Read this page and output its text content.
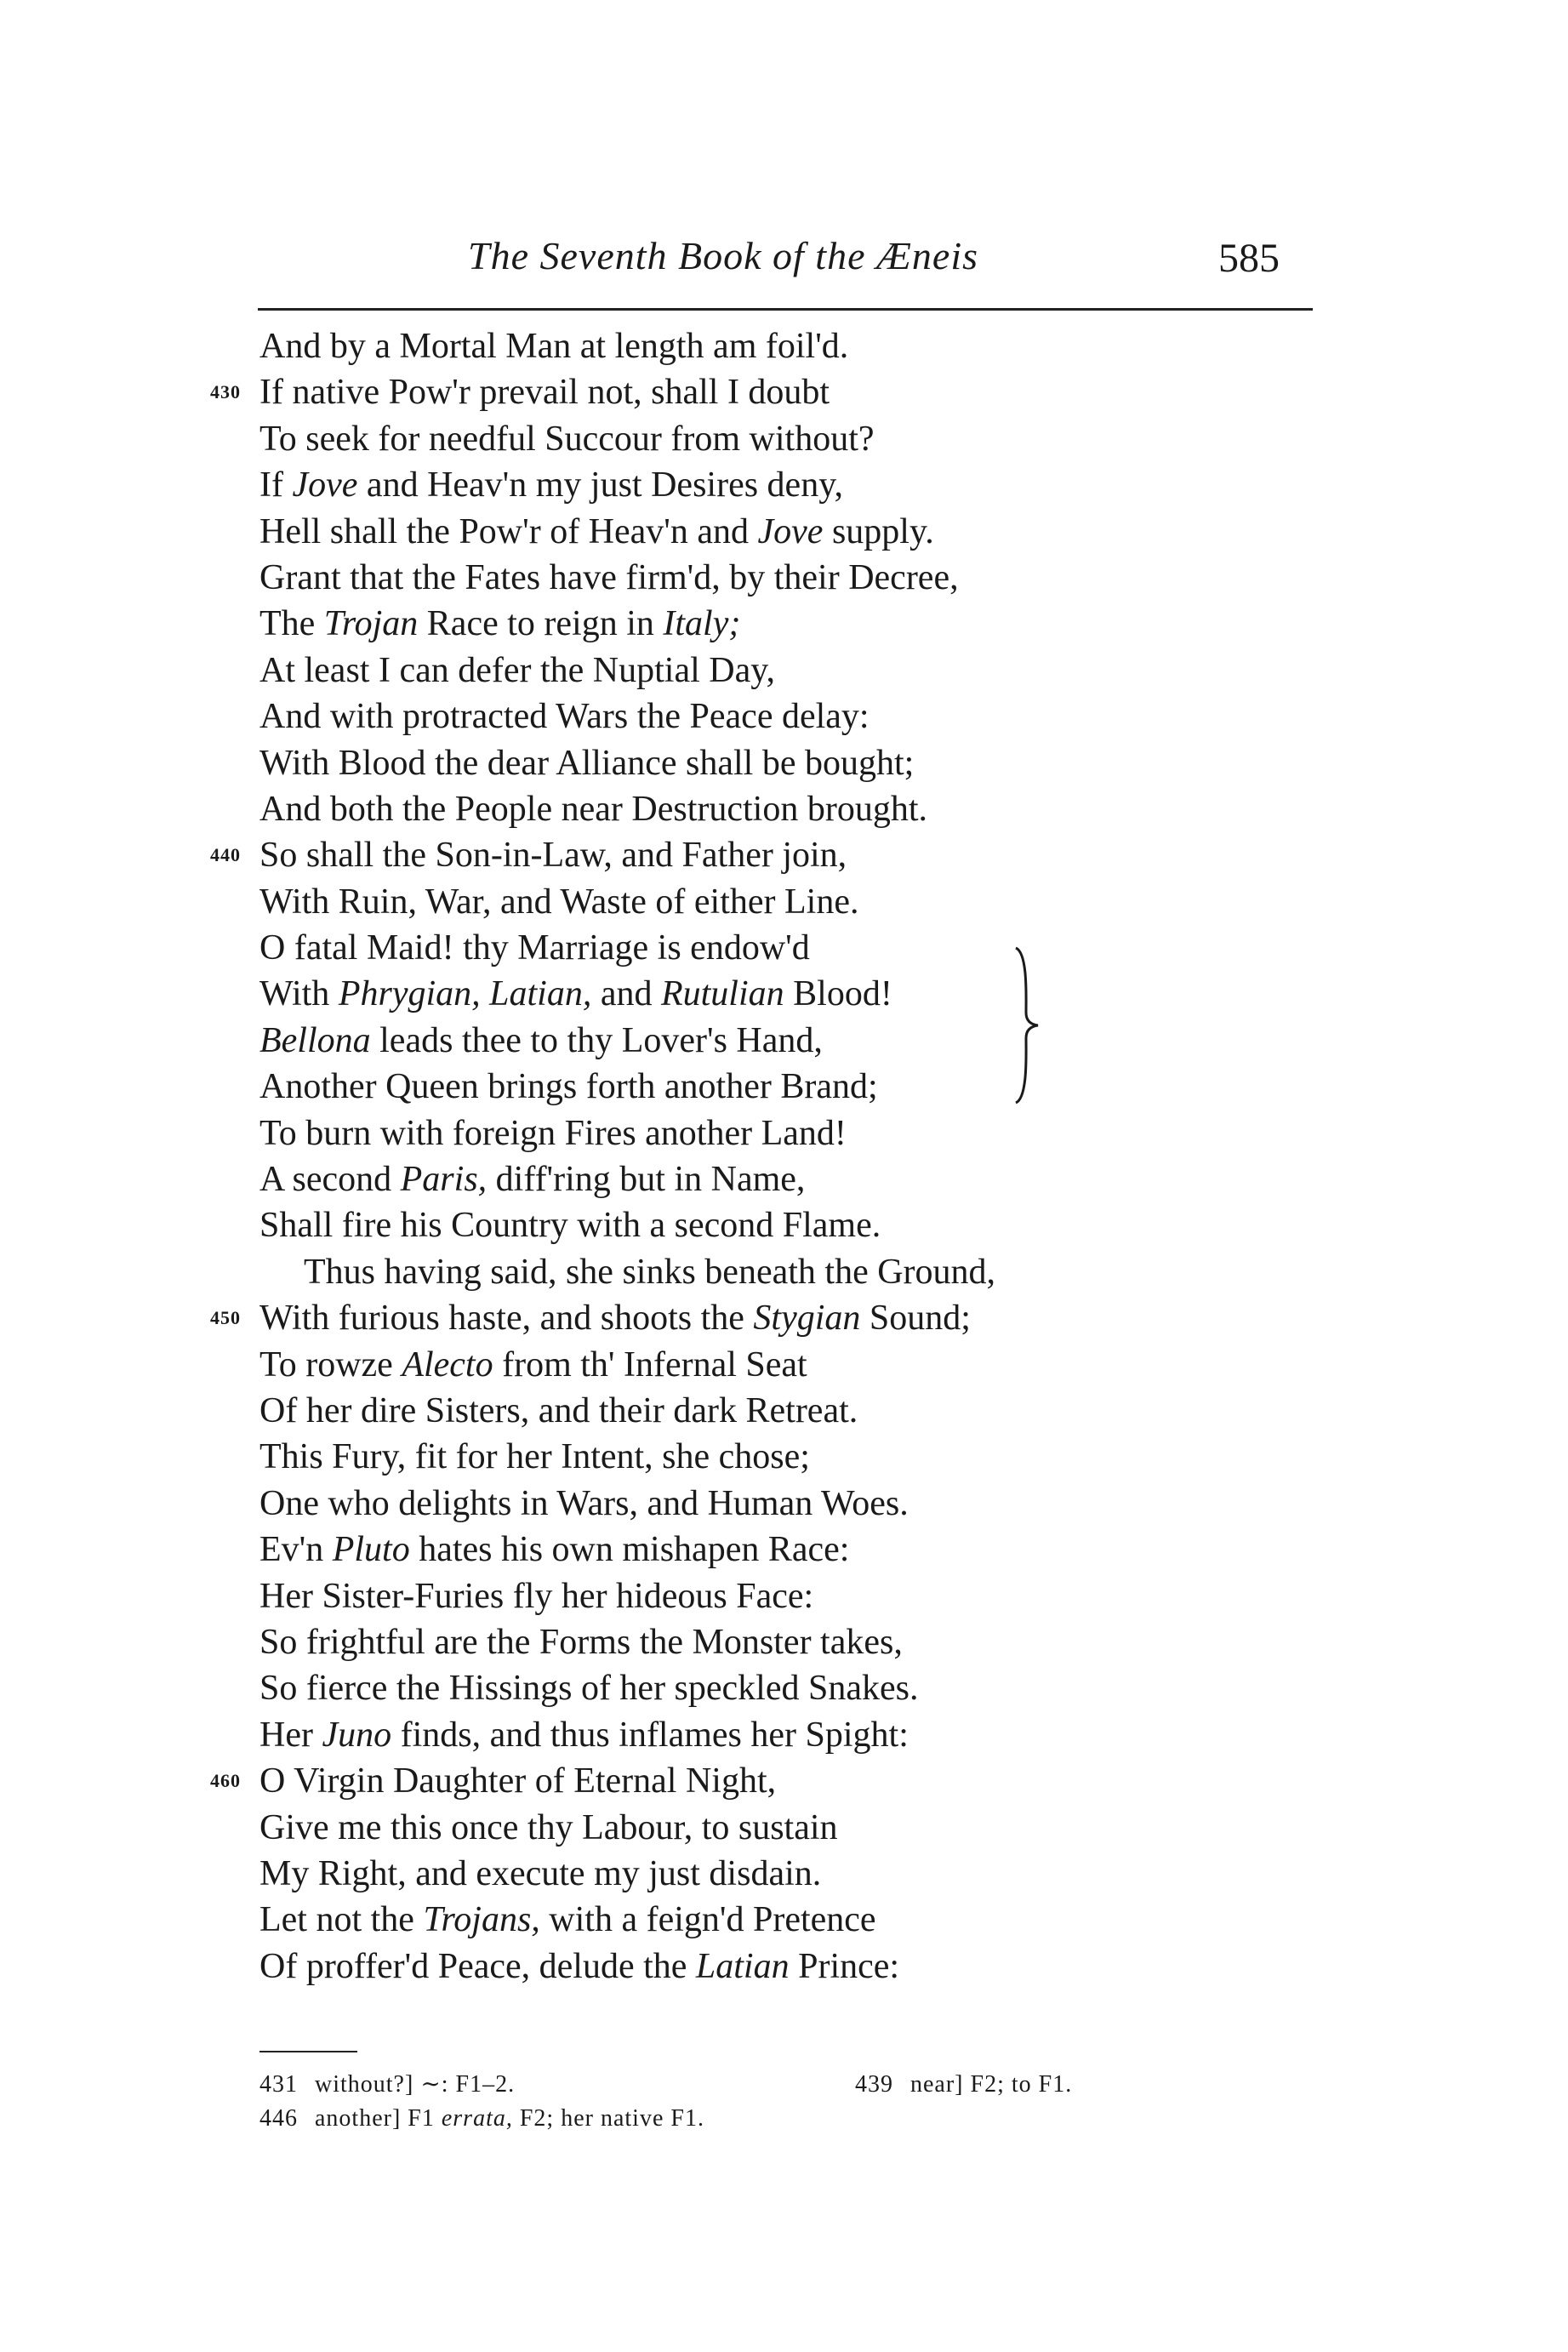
The Seventh Book of the Æneis	585
And by a Mortal Man at length am foil'd.
430 If native Pow'r prevail not, shall I doubt
To seek for needful Succour from without?
If Jove and Heav'n my just Desires deny,
Hell shall the Pow'r of Heav'n and Jove supply.
Grant that the Fates have firm'd, by their Decree,
The Trojan Race to reign in Italy;
At least I can defer the Nuptial Day,
And with protracted Wars the Peace delay:
With Blood the dear Alliance shall be bought;
And both the People near Destruction brought.
440 So shall the Son-in-Law, and Father join,
With Ruin, War, and Waste of either Line.
O fatal Maid! thy Marriage is endow'd
With Phrygian, Latian, and Rutulian Blood!
Bellona leads thee to thy Lover's Hand,
Another Queen brings forth another Brand;
To burn with foreign Fires another Land!
A second Paris, diff'ring but in Name,
Shall fire his Country with a second Flame.
Thus having said, she sinks beneath the Ground,
450 With furious haste, and shoots the Stygian Sound;
To rowze Alecto from th' Infernal Seat
Of her dire Sisters, and their dark Retreat.
This Fury, fit for her Intent, she chose;
One who delights in Wars, and Human Woes.
Ev'n Pluto hates his own mishapen Race:
Her Sister-Furies fly her hideous Face:
So frightful are the Forms the Monster takes,
So fierce the Hissings of her speckled Snakes.
Her Juno finds, and thus inflames her Spight:
460 O Virgin Daughter of Eternal Night,
Give me this once thy Labour, to sustain
My Right, and execute my just disdain.
Let not the Trojans, with a feign'd Pretence
Of proffer'd Peace, delude the Latian Prince:
431 without?] ∼: F1–2.	439 near] F2; to F1.
446 another] F1 errata, F2; her native F1.
